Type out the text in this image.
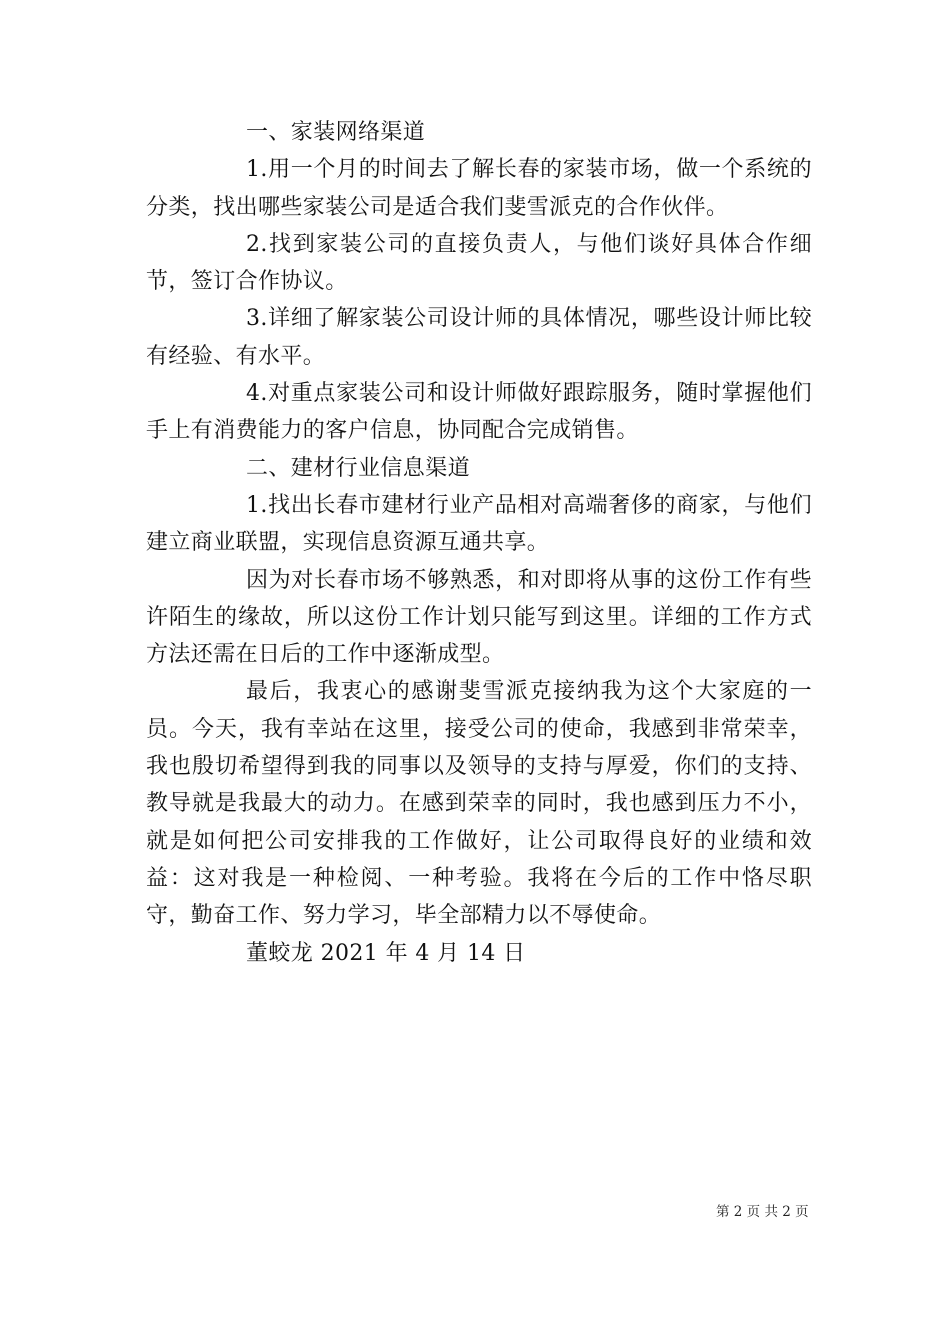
一、家装网络渠道

1.用一个月的时间去了解长春的家装市场，做一个系统的分类，找出哪些家装公司是适合我们斐雪派克的合作伙伴。

2.找到家装公司的直接负责人，与他们谈好具体合作细节，签订合作协议。

3.详细了解家装公司设计师的具体情况，哪些设计师比较有经验、有水平。

4.对重点家装公司和设计师做好跟踪服务，随时掌握他们手上有消费能力的客户信息，协同配合完成销售。

二、建材行业信息渠道

1.找出长春市建材行业产品相对高端奢侈的商家，与他们建立商业联盟，实现信息资源互通共享。

因为对长春市场不够熟悉，和对即将从事的这份工作有些许陌生的缘故，所以这份工作计划只能写到这里。详细的工作方式方法还需在日后的工作中逐渐成型。

最后，我衷心的感谢斐雪派克接纳我为这个大家庭的一员。今天，我有幸站在这里，接受公司的使命，我感到非常荣幸，我也殷切希望得到我的同事以及领导的支持与厚爱，你们的支持、教导就是我最大的动力。在感到荣幸的同时，我也感到压力不小，就是如何把公司安排我的工作做好，让公司取得良好的业绩和效益：这对我是一种检阅、一种考验。我将在今后的工作中恪尽职守，勤奋工作、努力学习，毕全部精力以不辱使命。

董蛟龙 2021 年 4 月 14 日

第 2 页 共 2 页
